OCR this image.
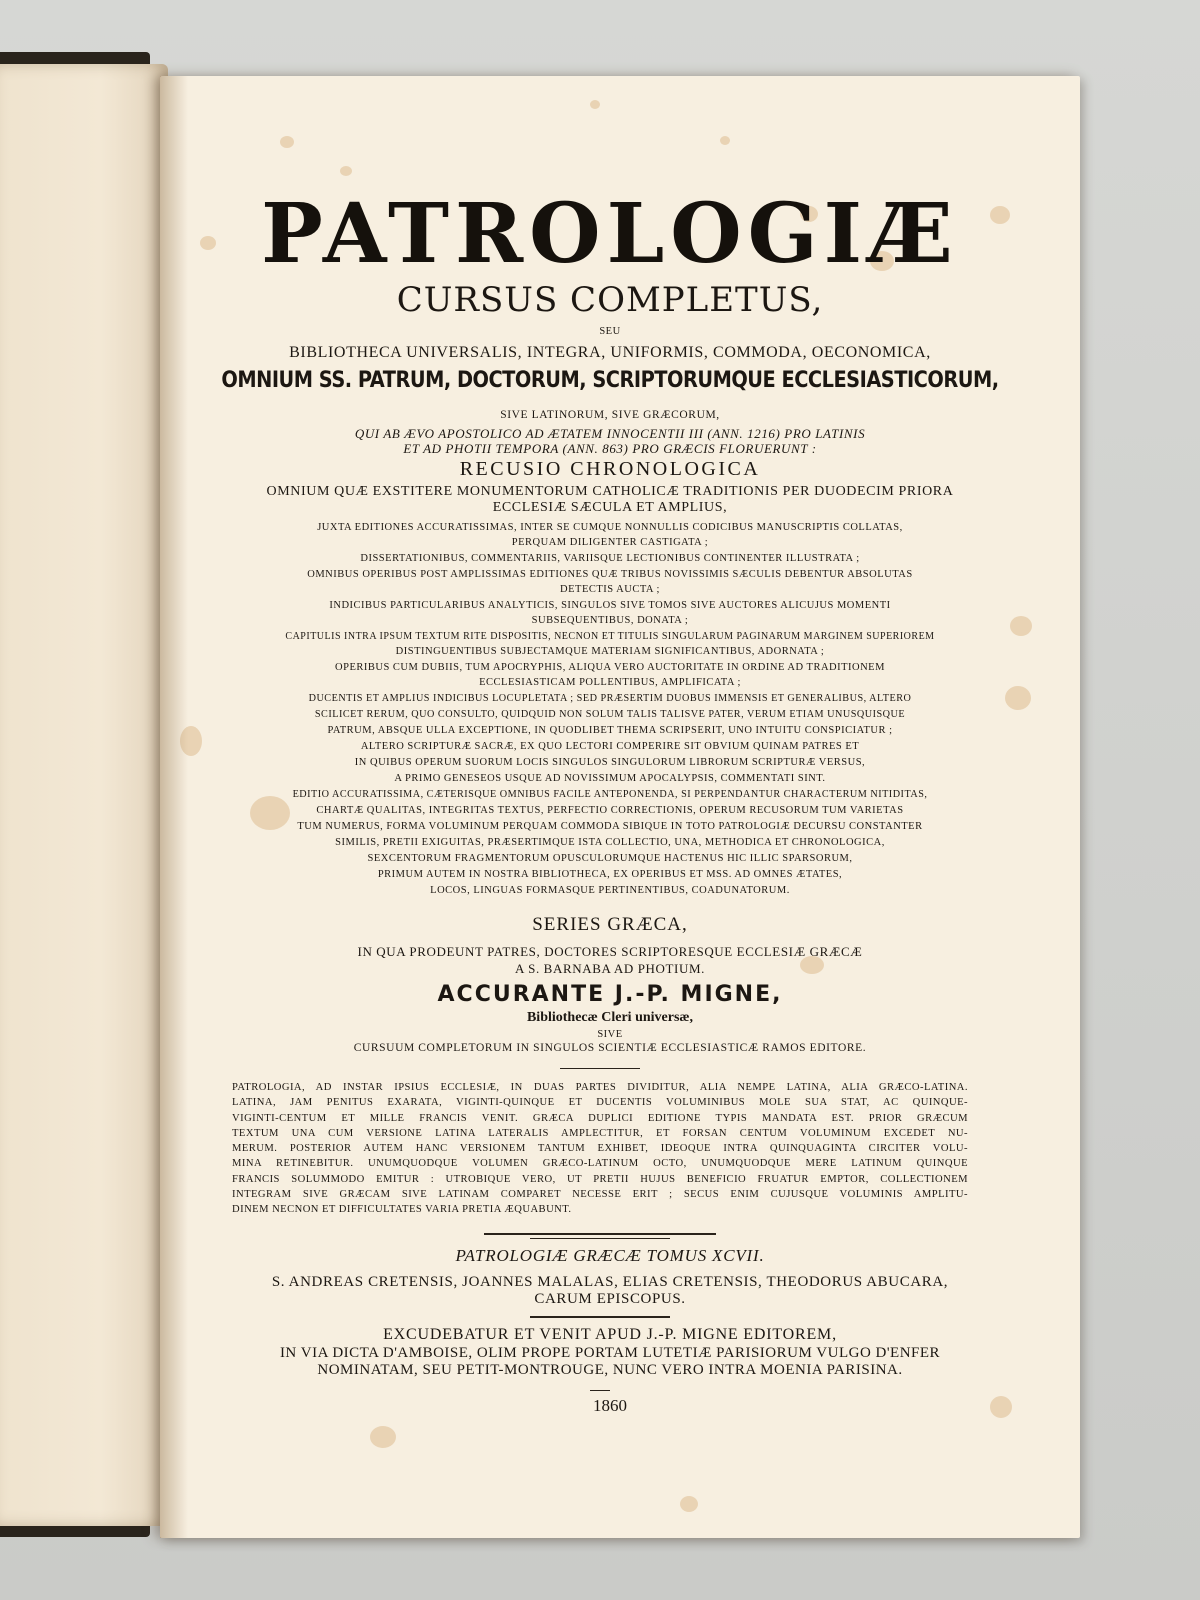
PATROLOGIÆ
CURSUS COMPLETUS,
SEU
BIBLIOTHECA UNIVERSALIS, INTEGRA, UNIFORMIS, COMMODA, OECONOMICA,
OMNIUM SS. PATRUM, DOCTORUM, SCRIPTORUMQUE ECCLESIASTICORUM,
SIVE LATINORUM, SIVE GRÆCORUM,
QUI AB ÆVO APOSTOLICO AD ÆTATEM INNOCENTII III (ANN. 1216) PRO LATINIS
ET AD PHOTII TEMPORA (ANN. 863) PRO GRÆCIS FLORUERUNT :
RECUSIO CHRONOLOGICA
OMNIUM QUÆ EXSTITERE MONUMENTORUM CATHOLICÆ TRADITIONIS PER DUODECIM PRIORA
ECCLESIÆ SÆCULA ET AMPLIUS,
JUXTA EDITIONES ACCURATISSIMAS, INTER SE CUMQUE NONNULLIS CODICIBUS MANUSCRIPTIS COLLATAS,
PERQUAM DILIGENTER CASTIGATA ;
DISSERTATIONIBUS, COMMENTARIIS, VARIISQUE LECTIONIBUS CONTINENTER ILLUSTRATA ;
OMNIBUS OPERIBUS POST AMPLISSIMAS EDITIONES QUÆ TRIBUS NOVISSIMIS SÆCULIS DEBENTUR ABSOLUTAS
DETECTIS AUCTA ;
INDICIBUS PARTICULARIBUS ANALYTICIS, SINGULOS SIVE TOMOS SIVE AUCTORES ALICUJUS MOMENTI
SUBSEQUENTIBUS, DONATA ;
CAPITULIS INTRA IPSUM TEXTUM RITE DISPOSITIS, NECNON ET TITULIS SINGULARUM PAGINARUM MARGINEM SUPERIOREM
DISTINGUENTIBUS SUBJECTAMQUE MATERIAM SIGNIFICANTIBUS, ADORNATA ;
OPERIBUS CUM DUBIIS, TUM APOCRYPHIS, ALIQUA VERO AUCTORITATE IN ORDINE AD TRADITIONEM
ECCLESIASTICAM POLLENTIBUS, AMPLIFICATA ;
DUCENTIS ET AMPLIUS INDICIBUS LOCUPLETATA ; SED PRÆSERTIM DUOBUS IMMENSIS ET GENERALIBUS, ALTERO
SCILICET RERUM, QUO CONSULTO, QUIDQUID NON SOLUM TALIS TALISVE PATER, VERUM ETIAM UNUSQUISQUE
PATRUM, ABSQUE ULLA EXCEPTIONE, IN QUODLIBET THEMA SCRIPSERIT, UNO INTUITU CONSPICIATUR ;
ALTERO SCRIPTURÆ SACRÆ, EX QUO LECTORI COMPERIRE SIT OBVIUM QUINAM PATRES ET
IN QUIBUS OPERUM SUORUM LOCIS SINGULOS SINGULORUM LIBRORUM SCRIPTURÆ VERSUS,
A PRIMO GENESEOS USQUE AD NOVISSIMUM APOCALYPSIS, COMMENTATI SINT.
EDITIO ACCURATISSIMA, CÆTERISQUE OMNIBUS FACILE ANTEPONENDA, SI PERPENDANTUR CHARACTERUM NITIDITAS,
CHARTÆ QUALITAS, INTEGRITAS TEXTUS, PERFECTIO CORRECTIONIS, OPERUM RECUSORUM TUM VARIETAS
TUM NUMERUS, FORMA VOLUMINUM PERQUAM COMMODA SIBIQUE IN TOTO PATROLOGIÆ DECURSU CONSTANTER
SIMILIS, PRETII EXIGUITAS, PRÆSERTIMQUE ISTA COLLECTIO, UNA, METHODICA ET CHRONOLOGICA,
SEXCENTORUM FRAGMENTORUM OPUSCULORUMQUE HACTENUS HIC ILLIC SPARSORUM,
PRIMUM AUTEM IN NOSTRA BIBLIOTHECA, EX OPERIBUS ET MSS. AD OMNES ÆTATES,
LOCOS, LINGUAS FORMASQUE PERTINENTIBUS, COADUNATORUM.
SERIES GRÆCA,
IN QUA PRODEUNT PATRES, DOCTORES SCRIPTORESQUE ECCLESIÆ GRÆCÆ
A S. BARNABA AD PHOTIUM.
ACCURANTE J.-P. MIGNE,
Bibliothecæ Cleri universæ,
SIVE
CURSUUM COMPLETORUM IN SINGULOS SCIENTIÆ ECCLESIASTICÆ RAMOS EDITORE.
PATROLOGIA, AD INSTAR IPSIUS ECCLESIÆ, IN DUAS PARTES DIVIDITUR, ALIA NEMPE LATINA, ALIA GRÆCO-LATINA.
LATINA, JAM PENITUS EXARATA, VIGINTI-QUINQUE ET DUCENTIS VOLUMINIBUS MOLE SUA STAT, AC QUINQUE-
VIGINTI-CENTUM ET MILLE FRANCIS VENIT. GRÆCA DUPLICI EDITIONE TYPIS MANDATA EST. PRIOR GRÆCUM
TEXTUM UNA CUM VERSIONE LATINA LATERALIS AMPLECTITUR, ET FORSAN CENTUM VOLUMINUM EXCEDET NU-
MERUM. POSTERIOR AUTEM HANC VERSIONEM TANTUM EXHIBET, IDEOQUE INTRA QUINQUAGINTA CIRCITER VOLU-
MINA RETINEBITUR. UNUMQUODQUE VOLUMEN GRÆCO-LATINUM OCTO, UNUMQUODQUE MERE LATINUM QUINQUE
FRANCIS SOLUMMODO EMITUR : UTROBIQUE VERO, UT PRETII HUJUS BENEFICIO FRUATUR EMPTOR, COLLECTIONEM
INTEGRAM SIVE GRÆCAM SIVE LATINAM COMPARET NECESSE ERIT ; SECUS ENIM CUJUSQUE VOLUMINIS AMPLITU-
DINEM NECNON ET DIFFICULTATES VARIA PRETIA ÆQUABUNT.
PATROLOGIÆ GRÆCÆ TOMUS XCVII.
S. ANDREAS CRETENSIS, JOANNES MALALAS, ELIAS CRETENSIS, THEODORUS ABUCARA,
CARUM EPISCOPUS.
EXCUDEBATUR ET VENIT APUD J.-P. MIGNE EDITOREM,
IN VIA DICTA D'AMBOISE, OLIM PROPE PORTAM LUTETIÆ PARISIORUM VULGO D'ENFER
NOMINATAM, SEU PETIT-MONTROUGE, NUNC VERO INTRA MOENIA PARISINA.
1860
